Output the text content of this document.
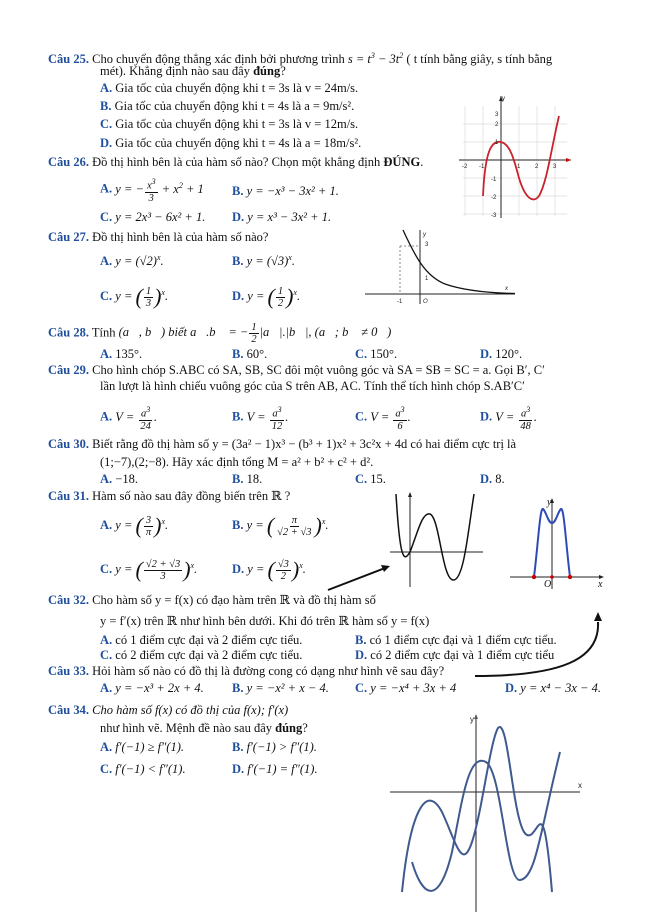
Câu 25. Cho chuyển động thẳng xác định bởi phương trình $s = t^3 - 3t^2$ ( t tính bằng giây, s tính bằng
mét). Khẳng định nào sau đây đúng?
A. Gia tốc của chuyển động khi t = 3s là v = 24m/s.
B. Gia tốc của chuyển động khi t = 4s là a = 9m/s².
C. Gia tốc của chuyển động khi t = 3s là v = 12m/s.
D. Gia tốc của chuyển động khi t = 4s là a = 18m/s².
Câu 26. Đồ thị hình bên là của hàm số nào? Chọn một khẳng định ĐÚNG.
A. y = − $\frac{x^3}{3} + x^2 + 1$ B. y = −x³ − 3x² + 1.
C. y = 2x³ − 6x² + 1. D. y = x³ − 3x² + 1.
y
3
2
1
-1
-2
-3
-2 -1	1 2 3
Câu 27. Đồ thị hình bên là của hàm số nào?
A. $y = (√2)^x$.	B. $y = (√3)^x$.
C. y = ( $\frac{1}{3} )^x$.	D. y = ( $\frac{1}{2} )^x$.
y
3
1
-1	O
x
Câu 28. Tính (a⃗, b⃗) biết a⃗.b⃗ = − $\frac{1}{2}$ |a⃗|.|b⃗|, (a⃗; b⃗ ≠ 0⃗)
A. 135°.	B. 60°.	C. 150°.	D. 120°.
Câu 29. Cho hình chóp S.ABC có SA, SB, SC đôi một vuông góc và SA = SB = SC = a. Gọi B′, C′
lần lượt là hình chiếu vuông góc của S trên AB, AC. Tính thể tích hình chóp S.AB′C′
A. $V = \frac{a^3}{24}$ .	B. $V = \frac{a^3}{12}$ .	C. $V = \frac{a^3}{6}$ .	D. $V = \frac{a^3}{48}$ .
Câu 30. Biết rằng đồ thị hàm số y = (3a² − 1)x³ − (b³ + 1)x² + 3c²x + 4d có hai điểm cực trị là
(1;−7),(2;−8). Hãy xác định tổng M = a² + b² + c² + d².
A. −18.	B. 18.	C. 15.	D. 8.
Câu 31. Hàm số nào sau đây đồng biến trên ℝ ?
A. y = ( $\frac{3}{\pi} )^x$.	B. y = ( $\frac{\pi}{√2 + √3} )^x$.
C. y = ( $\frac{√2 + √3}{3} )^x$.	D. y = ( $\frac{√3}{2} )^x$.
y
O	x
Câu 32. Cho hàm số y = f(x) có đạo hàm trên ℝ và đồ thị hàm số
y = f′(x) trên ℝ như hình bên dưới. Khi đó trên ℝ hàm số y = f(x)
A. có 1 điểm cực đại và 2 điểm cực tiểu.	B. có 1 điểm cực đại và 1 điểm cực tiểu.
C. có 2 điểm cực đại và 2 điểm cực tiểu.	D. có 2 điểm cực đại và 1 điểm cực tiểu
Câu 33. Hỏi hàm số nào có đồ thị là đường cong có dạng như hình vẽ sau đây?
A. y = −x³ + 2x + 4. B. y = −x² + x − 4. C. y = −x⁴ + 3x + 4	D. y = x⁴ − 3x − 4.
Câu 34. Cho hàm số f(x) có đồ thị của f(x); f′(x)
như hình vẽ. Mệnh đề nào sau đây đúng?
A. f′(−1) ≥ f″(1).	B. f′(−1) > f″(1).
C. f′(−1) < f″(1).	D. f′(−1) = f″(1).
y
x
